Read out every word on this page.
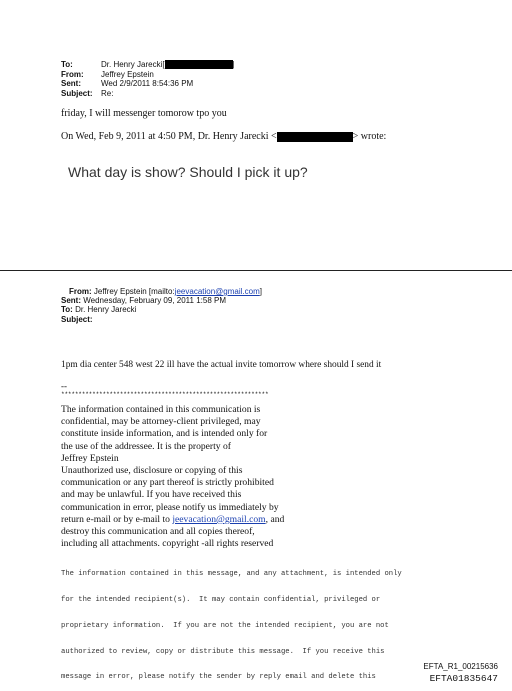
To:	Dr. Henry Jarecki[	|
From: Jeffrey Epstein
Sent:	Wed 2/9/2011 8:54:36 PM
Subject: Re:
friday, I will messenger tomorow tpo you
On Wed, Feb 9, 2011 at 4:50 PM, Dr. Henry Jarecki <	> wrote:
What day is show? Should I pick it up?
From: Jeffrey Epstein [mailto:jeevacation@gmail.com]
Sent: Wednesday, February 09, 2011 1:58 PM
To: Dr. Henry Jarecki
Subject:
1pm dia center 548 west 22 ill have the actual invite tomorrow where should I send it
--
************************************************************
The information contained in this communication is
confidential, may be attorney-client privileged, may
constitute inside information, and is intended only for
the use of the addressee. It is the property of
Jeffrey Epstein
Unauthorized use, disclosure or copying of this
communication or any part thereof is strictly prohibited
and may be unlawful. If you have received this
communication in error, please notify us immediately by
return e-mail or by e-mail to jeevacation@gmail.com, and
destroy this communication and all copies thereof,
including all attachments. copyright -all rights reserved

The information contained in this message, and any attachment, is intended only

for the intended recipient(s).  It may contain confidential, privileged or

proprietary information.  If you are not the intended recipient, you are not

authorized to review, copy or distribute this message.  If you receive this

message in error, please notify the sender by reply email and delete this

EFTA_R1_00215636
EFTA01835647
